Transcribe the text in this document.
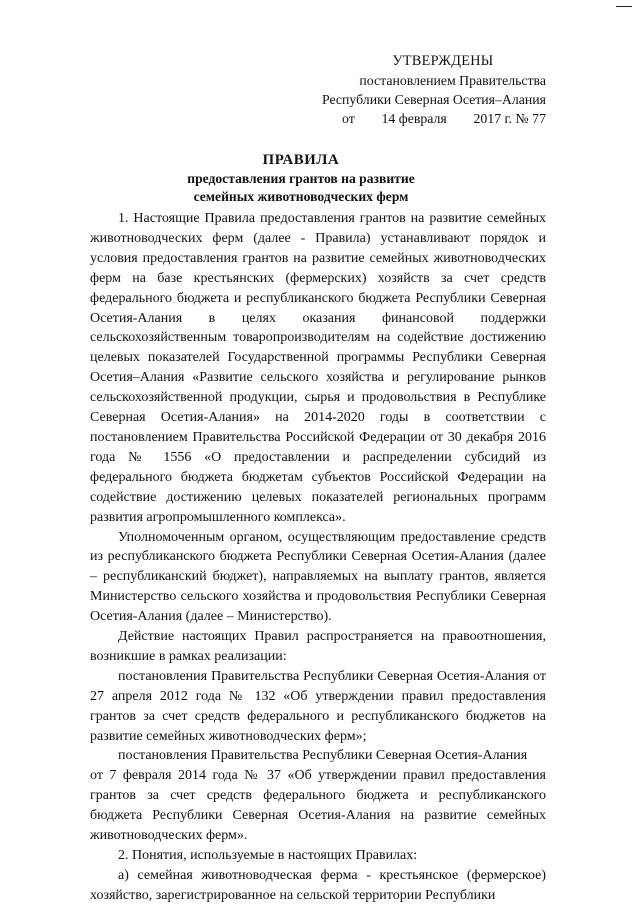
УТВЕРЖДЕНЫ
постановлением Правительства
Республики Северная Осетия–Алания
от 14 февраля 2017 г. № 77
ПРАВИЛА
предоставления грантов на развитие
семейных животноводческих ферм

1. Настоящие Правила предоставления грантов на развитие семейных животноводческих ферм (далее - Правила) устанавливают порядок и условия предоставления грантов на развитие семейных животноводческих ферм на базе крестьянских (фермерских) хозяйств за счет средств федерального бюджета и республиканского бюджета Республики Северная Осетия-Алания в целях оказания финансовой поддержки сельскохозяйственным товаропроизводителям на содействие достижению целевых показателей Государственной программы Республики Северная Осетия–Алания «Развитие сельского хозяйства и регулирование рынков сельскохозяйственной продукции, сырья и продовольствия в Республике Северная Осетия-Алания» на 2014-2020 годы в соответствии с постановлением Правительства Российской Федерации от 30 декабря 2016 года № 1556 «О предоставлении и распределении субсидий из федерального бюджета бюджетам субъектов Российской Федерации на содействие достижению целевых показателей региональных программ развития агропромышленного комплекса».

Уполномоченным органом, осуществляющим предоставление средств из республиканского бюджета Республики Северная Осетия-Алания (далее – республиканский бюджет), направляемых на выплату грантов, является Министерство сельского хозяйства и продовольствия Республики Северная Осетия-Алания (далее – Министерство).

Действие настоящих Правил распространяется на правоотношения, возникшие в рамках реализации:

постановления Правительства Республики Северная Осетия-Алания от 27 апреля 2012 года № 132 «Об утверждении правил предоставления грантов за счет средств федерального и республиканского бюджетов на развитие семейных животноводческих ферм»;

постановления Правительства Республики Северная Осетия-Алания

от 7 февраля 2014 года № 37 «Об утверждении правил предоставления грантов за счет средств федерального бюджета и республиканского бюджета Республики Северная Осетия-Алания на развитие семейных животноводческих ферм».

2. Понятия, используемые в настоящих Правилах:

а) семейная животноводческая ферма - крестьянское (фермерское) хозяйство, зарегистрированное на сельской территории Республики
